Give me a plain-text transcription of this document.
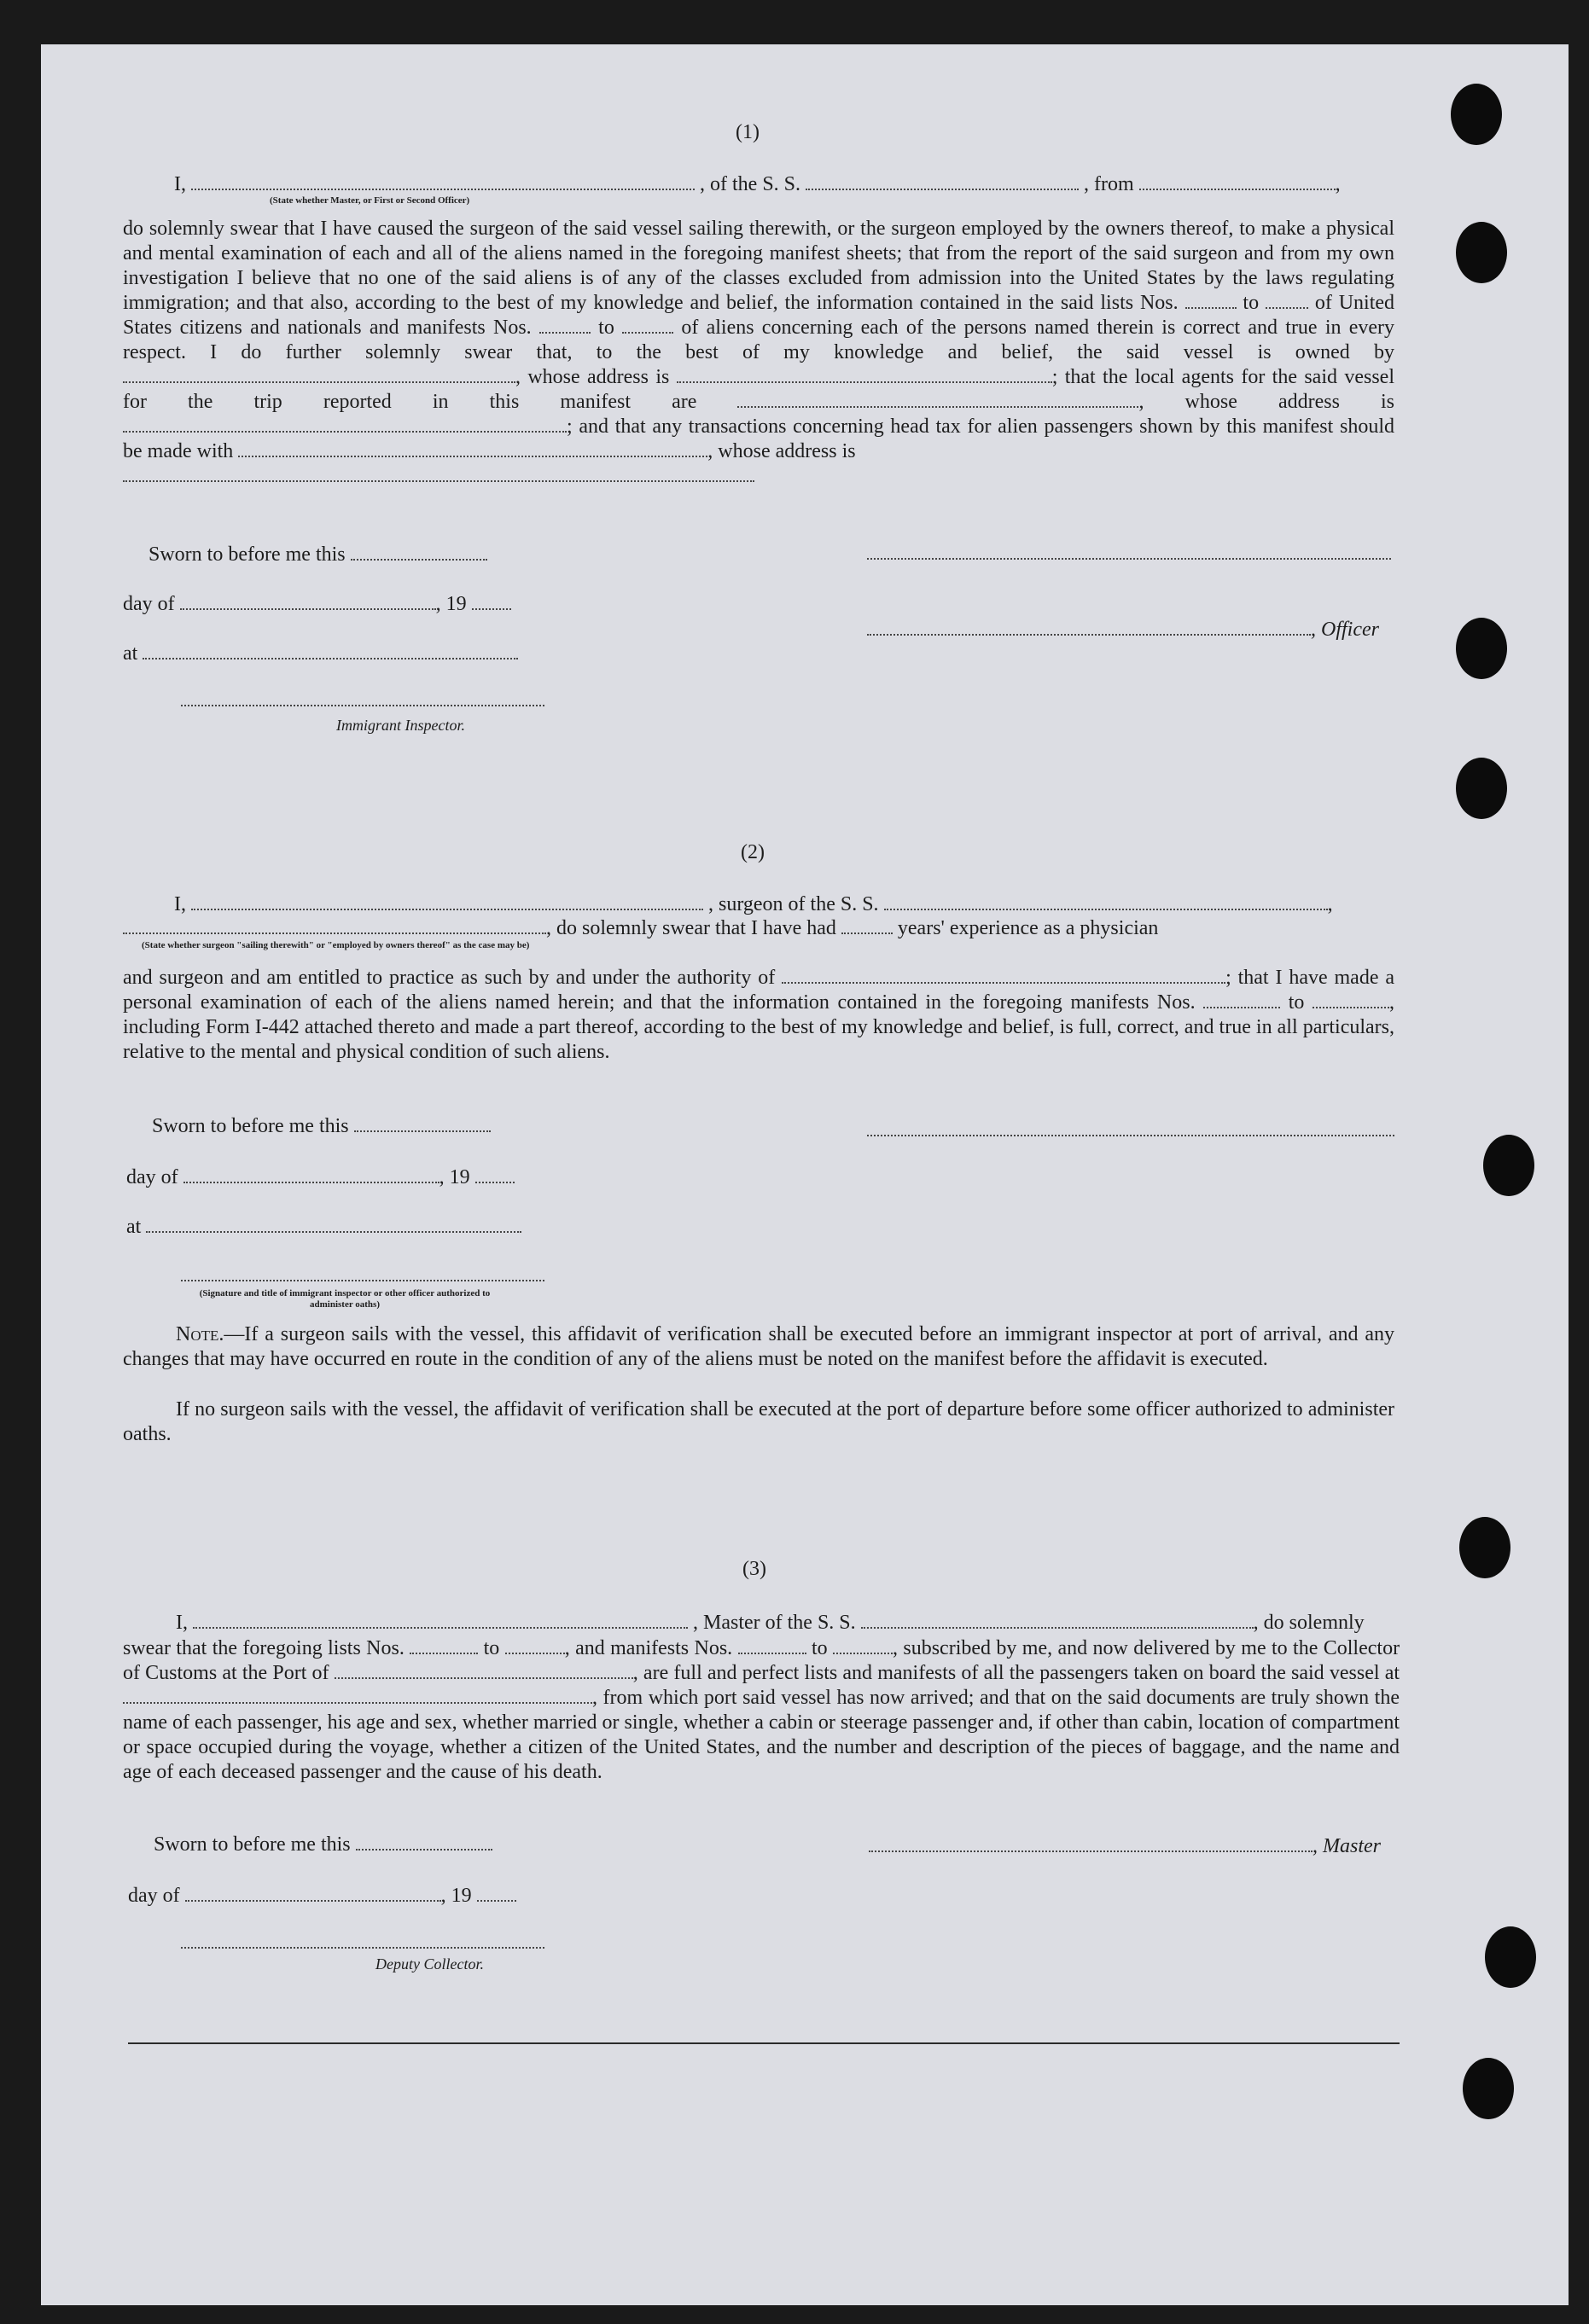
(1)
I,	, of the S. S.	, from	,
(State whether Master, or First or Second Officer)
do solemnly swear that I have caused the surgeon of the said vessel sailing therewith, or the surgeon employed by the owners thereof, to make a physical and mental examination of each and all of the aliens named in the foregoing manifest sheets; that from the report of the said surgeon and from my own investigation I believe that no one of the said aliens is of any of the classes excluded from admission into the United States by the laws regulating immigration; and that also, according to the best of my knowledge and belief, the information contained in the said lists Nos.	to	of United States citizens and nationals and manifests Nos.	to	of aliens concerning each of the persons named therein is correct and true in every respect. I do further solemnly swear that, to the best of my knowledge and belief, the said vessel is owned by , whose address is	; that the local agents for the said vessel for the trip reported in this manifest are	, whose address is ; and that any transactions concerning head tax for alien passengers shown by this manifest should be made with	, whose address is

Sworn to before me this
day of	, 19
at
Immigrant Inspector.
, Officer
(2)
I,	, surgeon of the S. S.	,
, do solemnly swear that I have had	years' experience as a physician
(State whether surgeon "sailing therewith" or "employed by owners thereof" as the case may be)
and surgeon and am entitled to practice as such by and under the authority of	; that I have made a personal examination of each of the aliens named herein; and that the information contained in the foregoing manifests Nos.	to	, including Form I-442 attached thereto and made a part thereof, according to the best of my knowledge and belief, is full, correct, and true in all particulars, relative to the mental and physical condition of such aliens.
Sworn to before me this
day of	, 19
at
(Signature and title of immigrant inspector or other officer authorized to administer oaths)
Note.—If a surgeon sails with the vessel, this affidavit of verification shall be executed before an immigrant inspector at port of arrival, and any changes that may have occurred en route in the condition of any of the aliens must be noted on the manifest before the affidavit is executed.
If no surgeon sails with the vessel, the affidavit of verification shall be executed at the port of departure before some officer authorized to administer oaths.
(3)
I,	, Master of the S. S.	, do solemnly
swear that the foregoing lists Nos.	to	, and manifests Nos.	to	, subscribed by me, and now delivered by me to the Collector of Customs at the Port of	, are full and perfect lists and manifests of all the passengers taken on board the said vessel at , from which port said vessel has now arrived; and that on the said documents are truly shown the name of each passenger, his age and sex, whether married or single, whether a cabin or steerage passenger and, if other than cabin, location of compartment or space occupied during the voyage, whether a citizen of the United States, and the number and description of the pieces of baggage, and the name and age of each deceased passenger and the cause of his death.
Sworn to before me this	, Master
day of	, 19
Deputy Collector.
